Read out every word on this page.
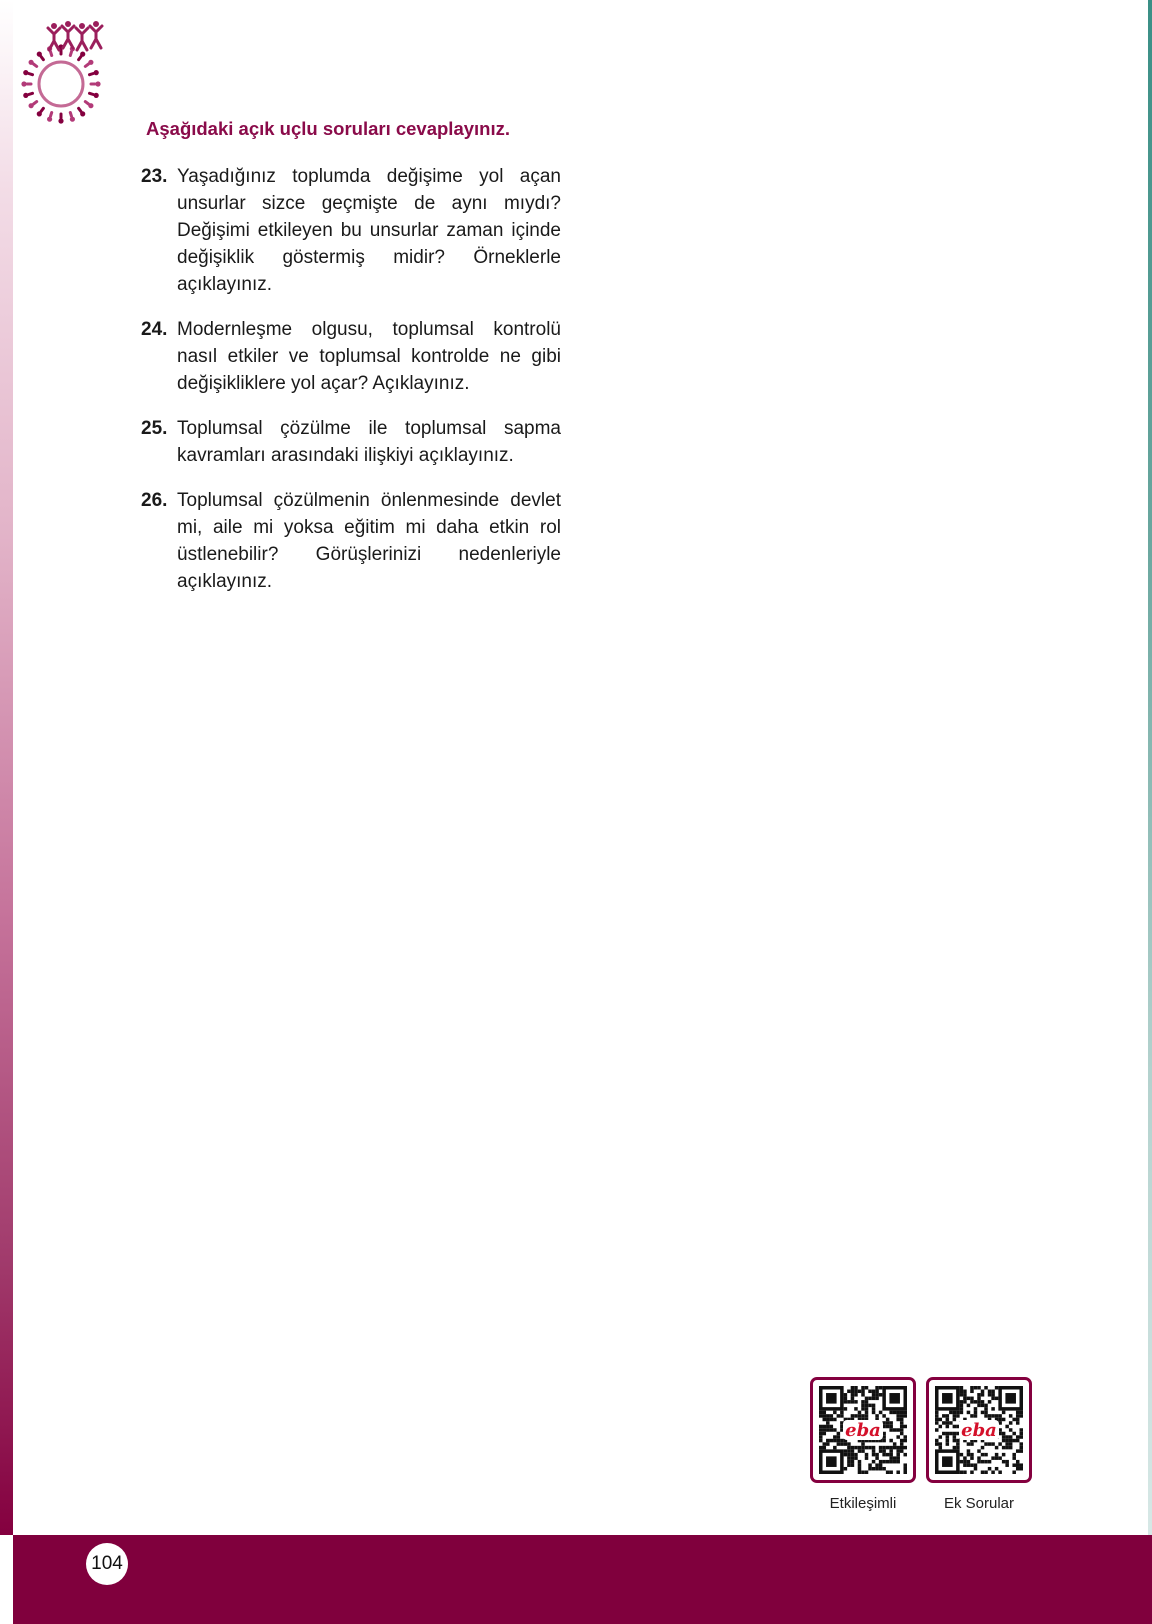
Aşağıdaki açık uçlu soruları cevaplayınız.
23. Yaşadığınız toplumda değişime yol açan unsurlar sizce geçmişte de aynı mıydı? Değişimi etkileyen bu unsurlar zaman içinde değişiklik göstermiş midir? Örneklerle açıklayınız.
24. Modernleşme olgusu, toplumsal kontrolü nasıl etkiler ve toplumsal kontrolde ne gibi değişikliklere yol açar? Açıklayınız.
25. Toplumsal çözülme ile toplumsal sapma kavramları arasındaki ilişkiyi açıklayınız.
26. Toplumsal çözülmenin önlenmesinde devlet mi, aile mi yoksa eğitim mi daha etkin rol üstlenebilir? Görüşlerinizi nedenleriyle açıklayınız.
eba
Etkileşimli
eba
Ek Sorular
104
